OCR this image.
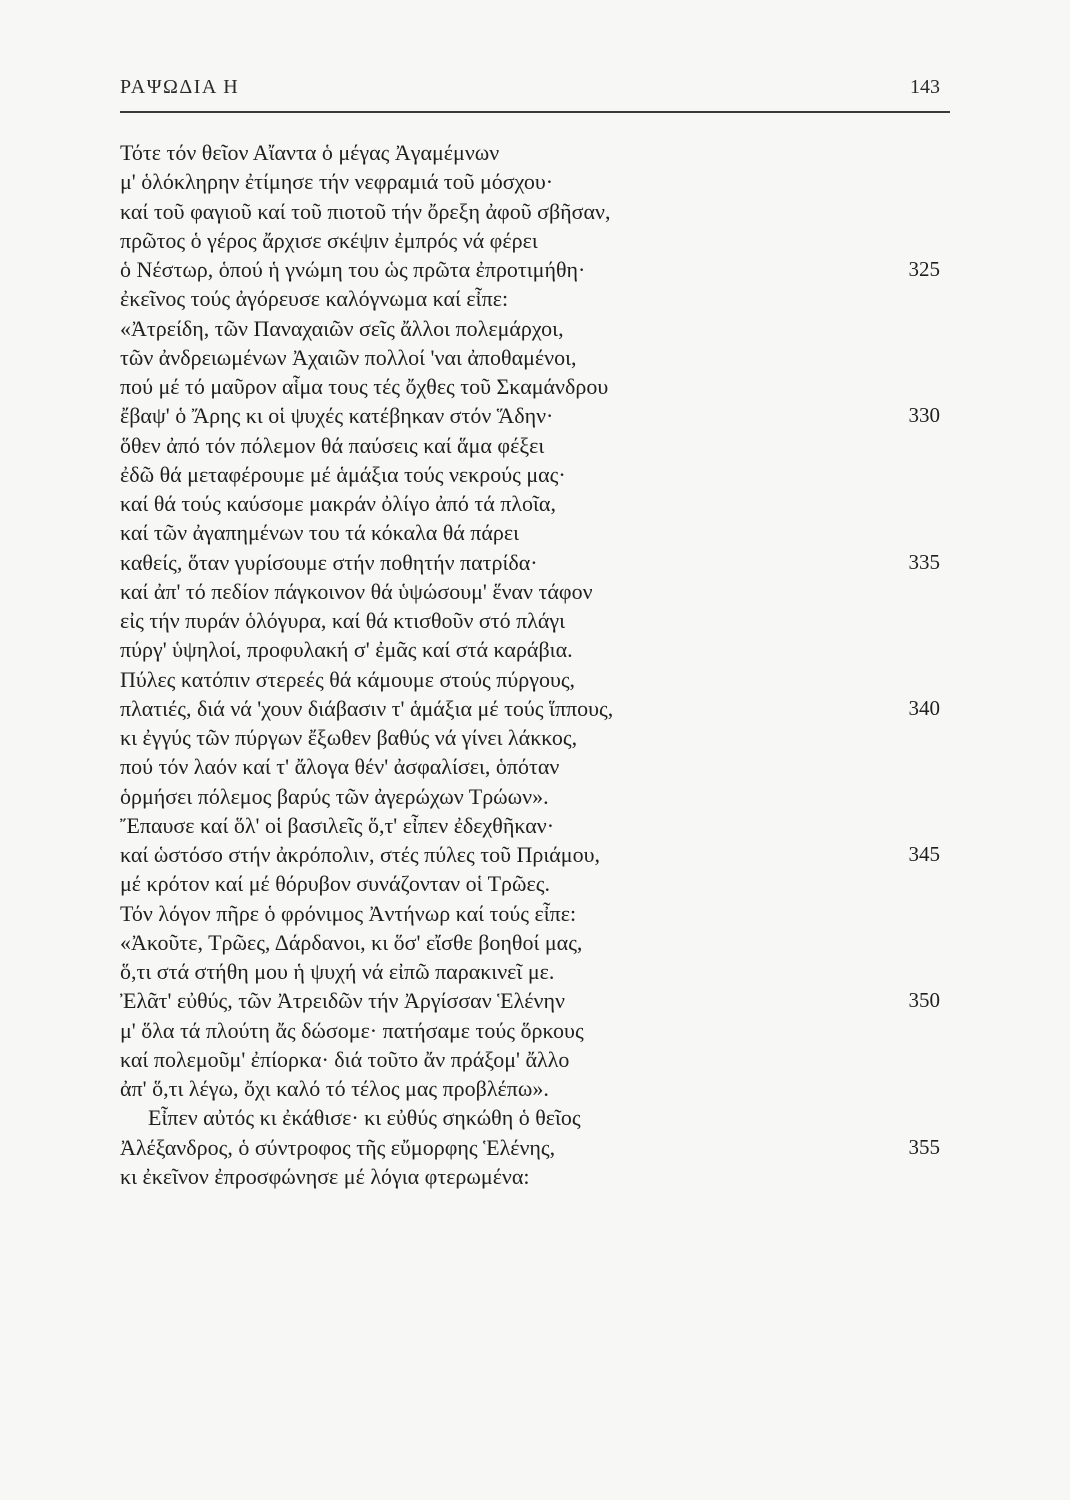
ΡΑΨΩΔΙΑ Η	143
Τότε τόν θεῖον Αἴαντα ὁ μέγας Ἀγαμέμνων
μ' ὁλόκληρην ἐτίμησε τήν νεφραμιά τοῦ μόσχου·
καί τοῦ φαγιοῦ καί τοῦ πιοτοῦ τήν ὄρεξη ἀφοῦ σβῆσαν,
πρῶτος ὁ γέρος ἄρχισε σκέψιν ἐμπρός νά φέρει
ὁ Νέστωρ, ὁπού ἡ γνώμη του ὡς πρῶτα ἐπροτιμήθη·	325
ἐκεῖνος τούς ἀγόρευσε καλόγνωμα καί εἶπε:
«Ἀτρείδη, τῶν Παναχαιῶν σεῖς ἄλλοι πολεμάρχοι,
τῶν ἀνδρειωμένων Ἀχαιῶν πολλοί 'ναι ἀποθαμένοι,
πού μέ τό μαῦρον αἷμα τους τές ὄχθες τοῦ Σκαμάνδρου
ἔβαψ' ὁ Ἄρης κι οἱ ψυχές κατέβηκαν στόν Ἅδην·	330
ὅθεν ἀπό τόν πόλεμον θά παύσεις καί ἅμα φέξει
ἐδῶ θά μεταφέρουμε μέ ἁμάξια τούς νεκρούς μας·
καί θά τούς καύσομε μακράν ὀλίγο ἀπό τά πλοῖα,
καί τῶν ἀγαπημένων του τά κόκαλα θά πάρει
καθείς, ὅταν γυρίσουμε στήν ποθητήν πατρίδα·	335
καί ἀπ' τό πεδίον πάγκοινον θά ὑψώσουμ' ἕναν τάφον
εἰς τήν πυράν ὁλόγυρα, καί θά κτισθοῦν στό πλάγι
πύργ' ὑψηλοί, προφυλακή σ' ἐμᾶς καί στά καράβια.
Πύλες κατόπιν στερεές θά κάμουμε στούς πύργους,
πλατιές, διά νά 'χουν διάβασιν τ' ἁμάξια μέ τούς ἵππους,	340
κι ἐγγύς τῶν πύργων ἔξωθεν βαθύς νά γίνει λάκκος,
πού τόν λαόν καί τ' ἄλογα θέν' ἀσφαλίσει, ὁπόταν
ὁρμήσει πόλεμος βαρύς τῶν ἀγερώχων Τρώων».
Ἔπαυσε καί ὅλ' οἱ βασιλεῖς ὅ,τ' εἶπεν ἐδεχθῆκαν·
καί ὡστόσο στήν ἀκρόπολιν, στές πύλες τοῦ Πριάμου,	345
μέ κρότον καί μέ θόρυβον συνάζονταν οἱ Τρῶες.
Τόν λόγον πῆρε ὁ φρόνιμος Ἀντήνωρ καί τούς εἶπε:
«Ἀκοῦτε, Τρῶες, Δάρδανοι, κι ὅσ' εἴσθε βοηθοί μας,
ὅ,τι στά στήθη μου ἡ ψυχή νά εἰπῶ παρακινεῖ με.
Ἐλᾶτ' εὐθύς, τῶν Ἀτρειδῶν τήν Ἀργίσσαν Ἑλένην	350
μ' ὅλα τά πλούτη ἄς δώσομε· πατήσαμε τούς ὅρκους
καί πολεμοῦμ' ἐπίορκα· διά τοῦτο ἄν πράξομ' ἄλλο
ἀπ' ὅ,τι λέγω, ὄχι καλό τό τέλος μας προβλέπω».
Εἶπεν αὐτός κι ἐκάθισε· κι εὐθύς σηκώθη ὁ θεῖος
Ἀλέξανδρος, ὁ σύντροφος τῆς εὔμορφης Ἑλένης,	355
κι ἐκεῖνον ἐπροσφώνησε μέ λόγια φτερωμένα:
